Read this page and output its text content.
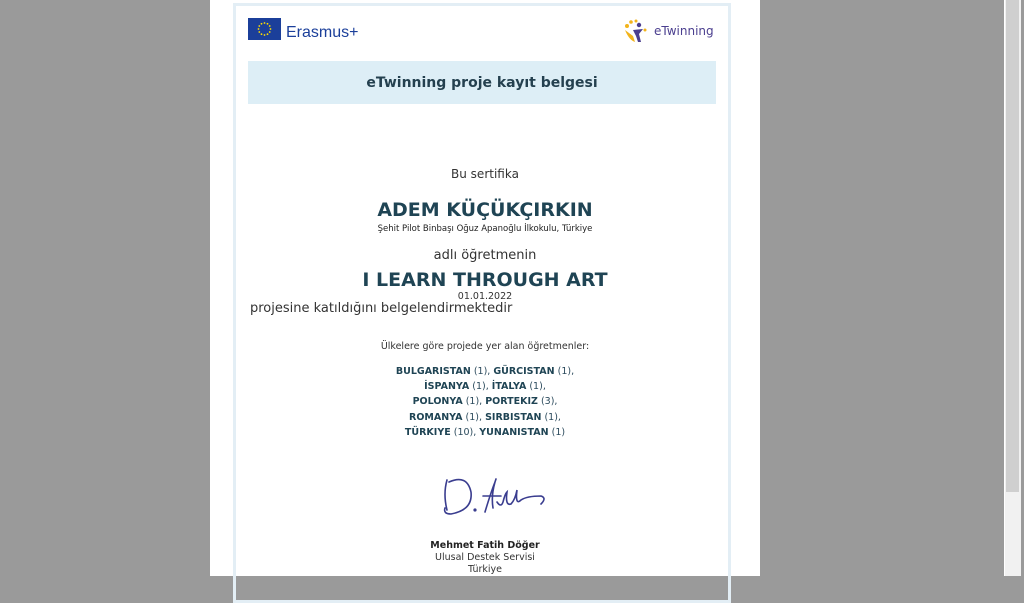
Erasmus+	eTwinning
eTwinning proje kayıt belgesi
Bu sertifika
ADEM KÜÇÜKÇIRKIN
Şehit Pilot Binbaşı Oğuz Apanoğlu İlkokulu, Türkiye
adlı öğretmenin
I LEARN THROUGH ART
01.01.2022
projesine katıldığını belgelendirmektedir
Ülkelere göre projede yer alan öğretmenler:
BULGARISTAN (1), GÜRCISTAN (1),
İSPANYA (1), İTALYA (1),
POLONYA (1), PORTEKIZ (3),
ROMANYA (1), SIRBISTAN (1),
TÜRKIYE (10), YUNANISTAN (1)
Mehmet Fatih Döğer
Ulusal Destek Servisi
Türkiye
